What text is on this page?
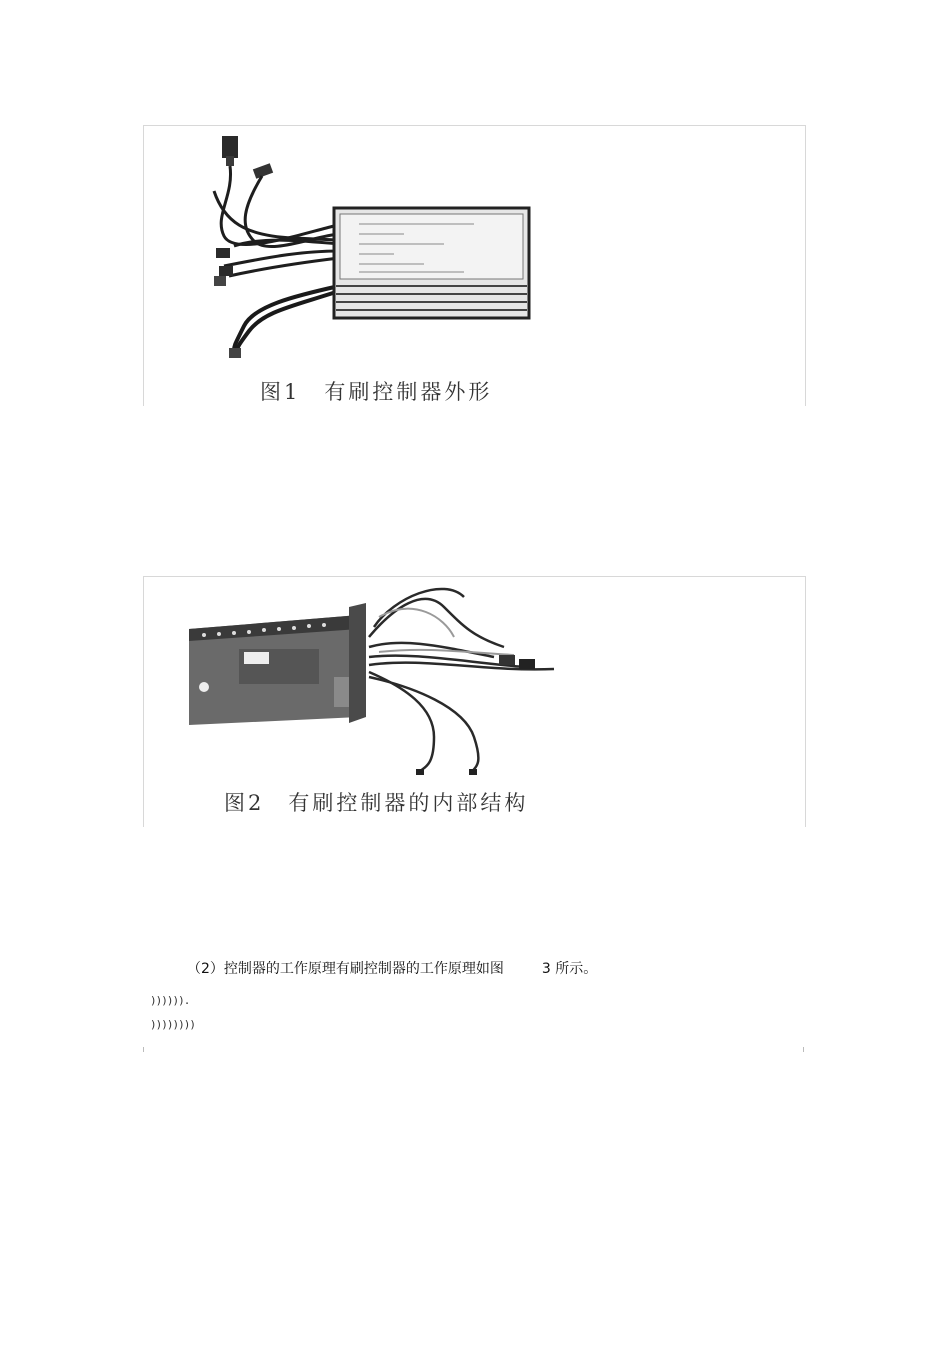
图1　有刷控制器外形
图2　有刷控制器的内部结构
（2）控制器的工作原理有刷控制器的工作原理如图	3 所示。
)))))).
))))))))
